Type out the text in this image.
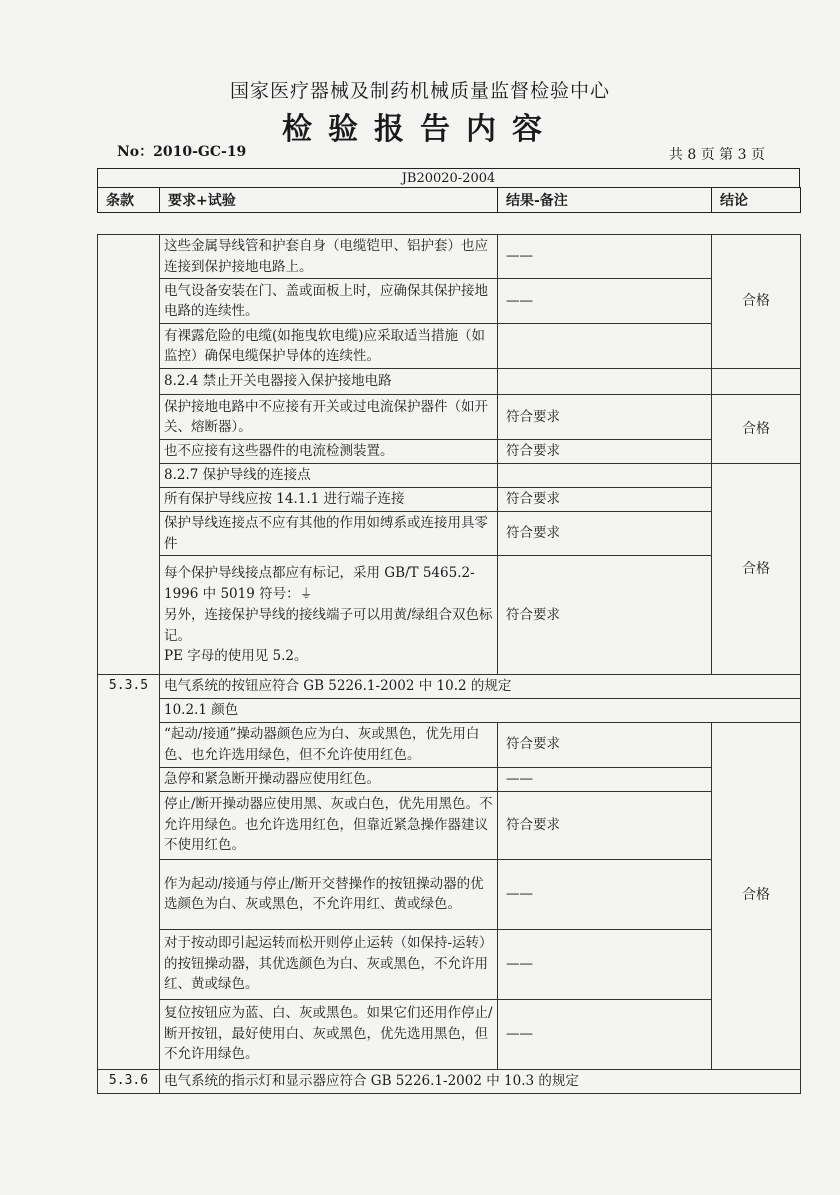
国家医疗器械及制药机械质量监督检验中心
检验报告内容
No：2010-GC-19	共 8 页 第 3 页
JB20020-2004
条款	要求+试验	结果-备注	结论
	这些金属导线管和护套自身（电缆铠甲、铝护套）也应连接到保护接地电路上。	——	合格
	电气设备安装在门、盖或面板上时，应确保其保护接地电路的连续性。	——	
	有裸露危险的电缆(如拖曳软电缆)应采取适当措施（如监控）确保电缆保护导体的连续性。		
	8.2.4 禁止开关电器接入保护接地电路		
	保护接地电路中不应接有开关或过电流保护器件（如开关、熔断器）。	符合要求	合格
	也不应接有这些器件的电流检测装置。	符合要求	
	8.2.7 保护导线的连接点		合格
	所有保护导线应按 14.1.1 进行端子连接	符合要求	
	保护导线连接点不应有其他的作用如缚系或连接用具零件	符合要求	
	每个保护导线接点都应有标记，采用 GB/T 5465.2-1996 中 5019 符号：⏚
另外，连接保护导线的接线端子可以用黄/绿组合双色标记。
PE 字母的使用见 5.2。	符合要求	
5.3.5	电气系统的按钮应符合 GB 5226.1-2002 中 10.2 的规定		
	10.2.1 颜色		
	“起动/接通”操动器颜色应为白、灰或黑色，优先用白色、也允许选用绿色，但不允许使用红色。	符合要求	合格
	急停和紧急断开操动器应使用红色。	——	
	停止/断开操动器应使用黑、灰或白色，优先用黑色。不允许用绿色。也允许选用红色，但靠近紧急操作器建议不使用红色。	符合要求	
	作为起动/接通与停止/断开交替操作的按钮操动器的优选颜色为白、灰或黑色，不允许用红、黄或绿色。	——	
	对于按动即引起运转而松开则停止运转（如保持-运转）的按钮操动器，其优选颜色为白、灰或黑色，不允许用红、黄或绿色。	——	
	复位按钮应为蓝、白、灰或黑色。如果它们还用作停止/断开按钮，最好使用白、灰或黑色，优先选用黑色，但不允许用绿色。	——	
5.3.6	电气系统的指示灯和显示器应符合 GB 5226.1-2002 中 10.3 的规定		
